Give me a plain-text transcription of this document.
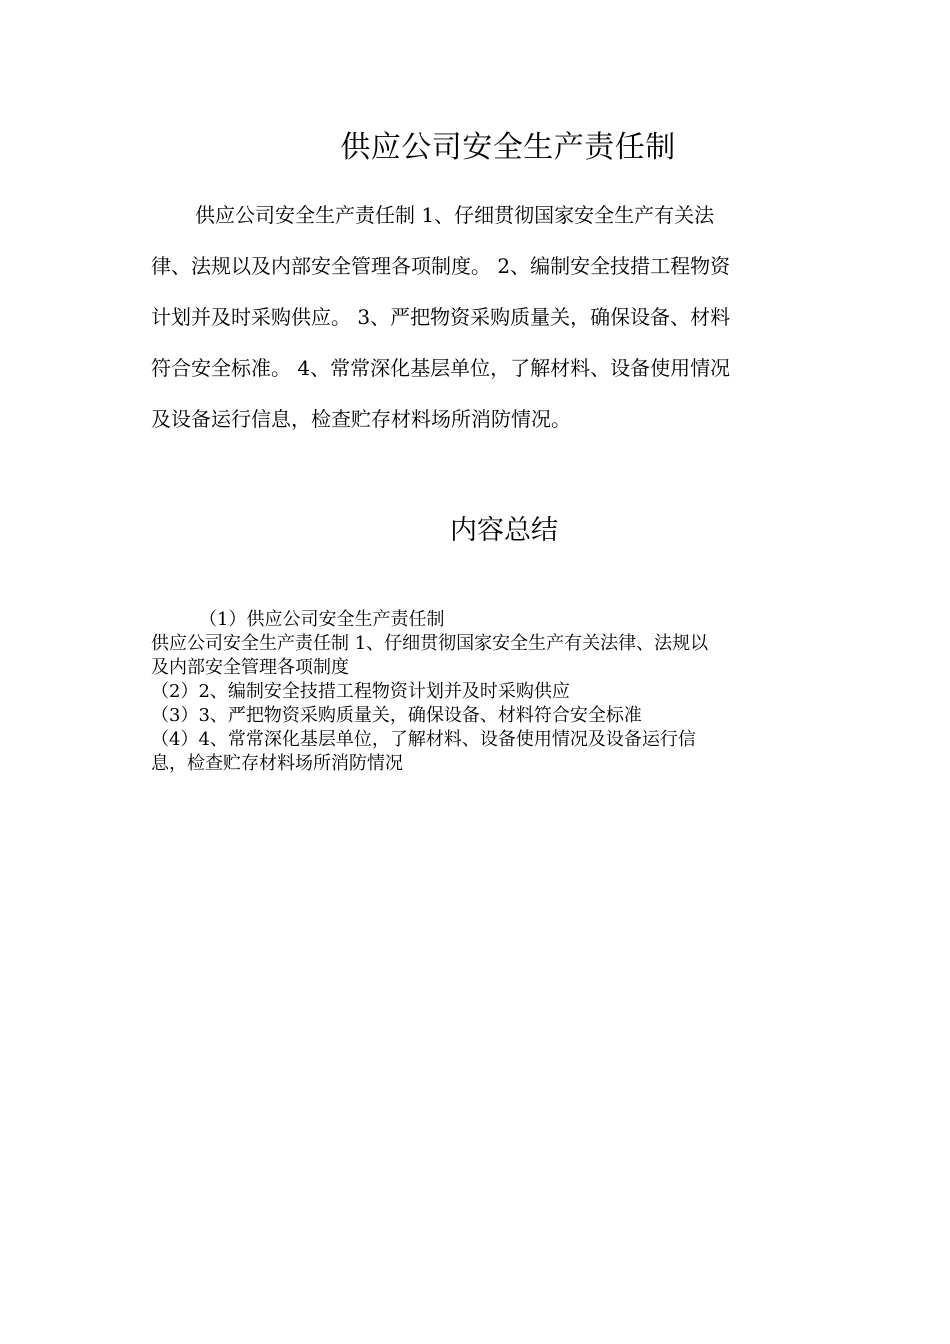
供应公司安全生产责任制
供应公司安全生产责任制 1、仔细贯彻国家安全生产有关法
律、法规以及内部安全管理各项制度。 2、编制安全技措工程物资
计划并及时采购供应。 3、严把物资采购质量关，确保设备、材料
符合安全标准。 4、常常深化基层单位，了解材料、设备使用情况
及设备运行信息，检查贮存材料场所消防情况。
内容总结
（1）供应公司安全生产责任制
供应公司安全生产责任制 1、仔细贯彻国家安全生产有关法律、法规以
及内部安全管理各项制度
（2）2、编制安全技措工程物资计划并及时采购供应
（3）3、严把物资采购质量关，确保设备、材料符合安全标准
（4）4、常常深化基层单位，了解材料、设备使用情况及设备运行信
息，检查贮存材料场所消防情况
